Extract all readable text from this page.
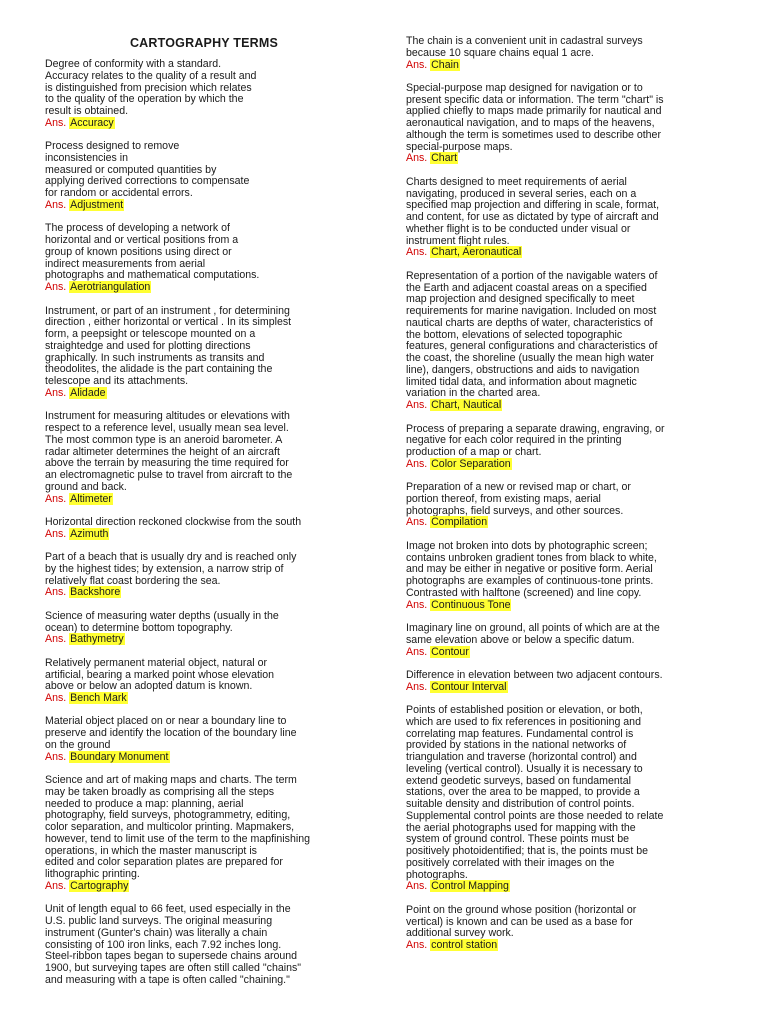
CARTOGRAPHY TERMS
Degree of conformity with a standard.
Accuracy relates to the quality of a result and
is distinguished from precision which relates
to the quality of the operation by which the
result is obtained.
Ans. Accuracy
Process designed to remove
inconsistencies in
measured or computed quantities by
applying derived corrections to compensate
for random or accidental errors.
Ans. Adjustment
The process of developing a network of
horizontal and or vertical positions from a
group of known positions using direct or
indirect measurements from aerial
photographs and mathematical computations.
Ans. Aerotriangulation
Instrument, or part of an instrument , for determining
direction , either horizontal or vertical . In its simplest
form, a peepsight or telescope mounted on a
straightedge and used for plotting directions
graphically. In such instruments as transits and
theodolites, the alidade is the part containing the
telescope and its attachments.
Ans. Alidade
Instrument for measuring altitudes or elevations with
respect to a reference level, usually mean sea level.
The most common type is an aneroid barometer. A
radar altimeter determines the height of an aircraft
above the terrain by measuring the time required for
an electromagnetic pulse to travel from aircraft to the
ground and back.
Ans. Altimeter
Horizontal direction reckoned clockwise from the south
Ans. Azimuth
Part of a beach that is usually dry and is reached only
by the highest tides; by extension, a narrow strip of
relatively flat coast bordering the sea.
Ans. Backshore
Science of measuring water depths (usually in the
ocean) to determine bottom topography.
Ans. Bathymetry
Relatively permanent material object, natural or
artificial, bearing a marked point whose elevation
above or below an adopted datum is known.
Ans. Bench Mark
Material object placed on or near a boundary line to
preserve and identify the location of the boundary line
on the ground
Ans. Boundary Monument
Science and art of making maps and charts. The term
may be taken broadly as comprising all the steps
needed to produce a map: planning, aerial
photography, field surveys, photogrammetry, editing,
color separation, and multicolor printing. Mapmakers,
however, tend to limit use of the term to the mapfinishing
operations, in which the master manuscript is
edited and color separation plates are prepared for
lithographic printing.
Ans. Cartography
Unit of length equal to 66 feet, used especially in the
U.S. public land surveys. The original measuring
instrument (Gunter's chain) was literally a chain
consisting of 100 iron links, each 7.92 inches long.
Steel-ribbon tapes began to supersede chains around
1900, but surveying tapes are often still called "chains"
and measuring with a tape is often called "chaining."
The chain is a convenient unit in cadastral surveys
because 10 square chains equal 1 acre.
Ans. Chain
Special-purpose map designed for navigation or to
present specific data or information. The term "chart" is
applied chiefly to maps made primarily for nautical and
aeronautical navigation, and to maps of the heavens,
although the term is sometimes used to describe other
special-purpose maps.
Ans. Chart
Charts designed to meet requirements of aerial
navigating, produced in several series, each on a
specified map projection and differing in scale, format,
and content, for use as dictated by type of aircraft and
whether flight is to be conducted under visual or
instrument flight rules.
Ans. Chart, Aeronautical
Representation of a portion of the navigable waters of
the Earth and adjacent coastal areas on a specified
map projection and designed specifically to meet
requirements for marine navigation. Included on most
nautical charts are depths of water, characteristics of
the bottom, elevations of selected topographic
features, general configurations and characteristics of
the coast, the shoreline (usually the mean high water
line), dangers, obstructions and aids to navigation
limited tidal data, and information about magnetic
variation in the charted area.
Ans. Chart, Nautical
Process of preparing a separate drawing, engraving, or
negative for each color required in the printing
production of a map or chart.
Ans. Color Separation
Preparation of a new or revised map or chart, or
portion thereof, from existing maps, aerial
photographs, field surveys, and other sources.
Ans. Compilation
Image not broken into dots by photographic screen;
contains unbroken gradient tones from black to white,
and may be either in negative or positive form. Aerial
photographs are examples of continuous-tone prints.
Contrasted with halftone (screened) and line copy.
Ans. Continuous Tone
Imaginary line on ground, all points of which are at the
same elevation above or below a specific datum.
Ans. Contour
Difference in elevation between two adjacent contours.
Ans. Contour Interval
Points of established position or elevation, or both,
which are used to fix references in positioning and
correlating map features. Fundamental control is
provided by stations in the national networks of
triangulation and traverse (horizontal control) and
leveling (vertical control). Usually it is necessary to
extend geodetic surveys, based on fundamental
stations, over the area to be mapped, to provide a
suitable density and distribution of control points.
Supplemental control points are those needed to relate
the aerial photographs used for mapping with the
system of ground control. These points must be
positively photoidentified; that is, the points must be
positively correlated with their images on the
photographs.
Ans. Control Mapping
Point on the ground whose position (horizontal or
vertical) is known and can be used as a base for
additional survey work.
Ans. control station
